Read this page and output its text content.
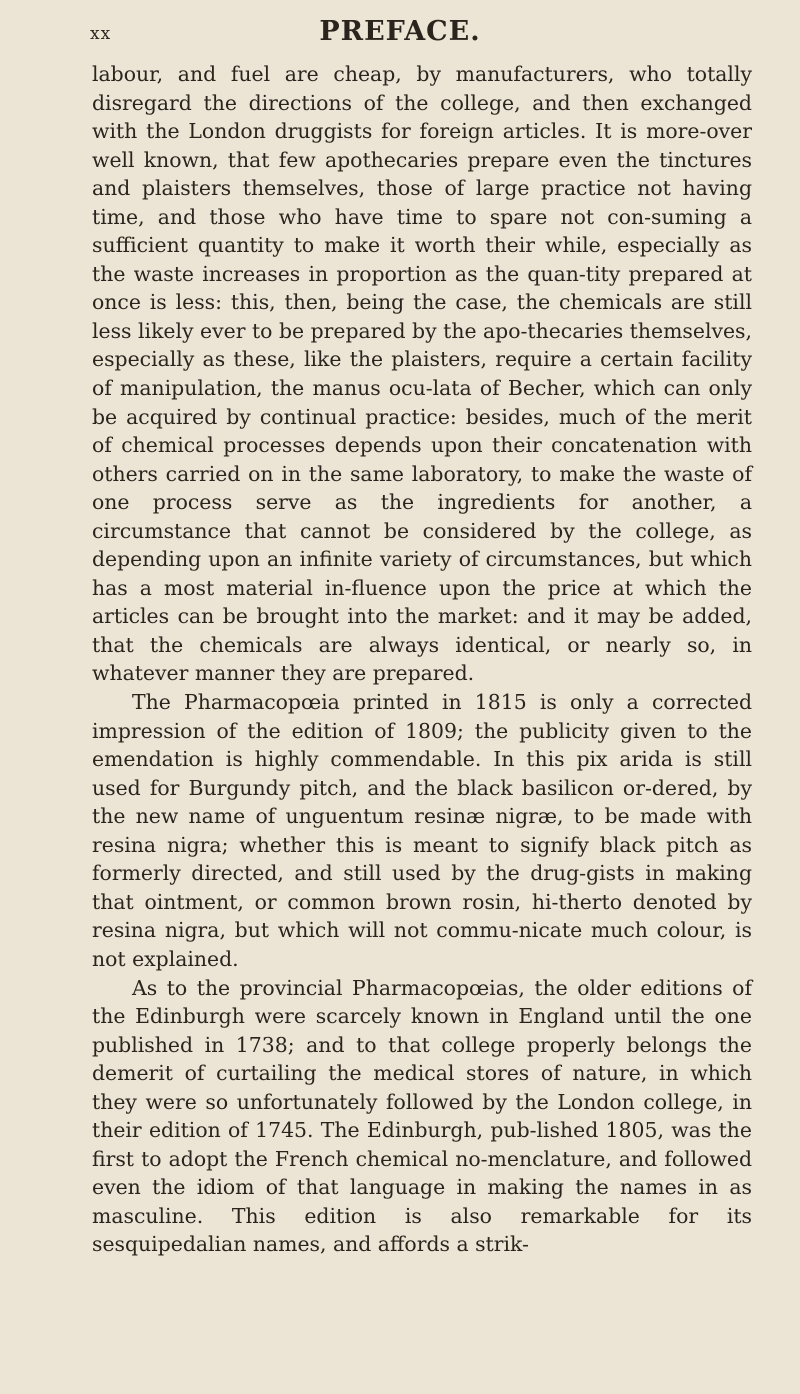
xx	PREFACE.

labour, and fuel are cheap, by manufacturers, who totally disregard the directions of the college, and then exchanged with the London druggists for foreign articles. It is more-over well known, that few apothecaries prepare even the tinctures and plaisters themselves, those of large practice not having time, and those who have time to spare not con-suming a sufficient quantity to make it worth their while, especially as the waste increases in proportion as the quan-tity prepared at once is less: this, then, being the case, the chemicals are still less likely ever to be prepared by the apo-thecaries themselves, especially as these, like the plaisters, require a certain facility of manipulation, the manus ocu-lata of Becher, which can only be acquired by continual practice: besides, much of the merit of chemical processes depends upon their concatenation with others carried on in the same laboratory, to make the waste of one process serve as the ingredients for another, a circumstance that cannot be considered by the college, as depending upon an infinite variety of circumstances, but which has a most material in-fluence upon the price at which the articles can be brought into the market: and it may be added, that the chemicals are always identical, or nearly so, in whatever manner they are prepared.

The Pharmacopœia printed in 1815 is only a corrected impression of the edition of 1809; the publicity given to the emendation is highly commendable. In this pix arida is still used for Burgundy pitch, and the black basilicon or-dered, by the new name of unguentum resinæ nigræ, to be made with resina nigra; whether this is meant to signify black pitch as formerly directed, and still used by the drug-gists in making that ointment, or common brown rosin, hi-therto denoted by resina nigra, but which will not commu-nicate much colour, is not explained.

As to the provincial Pharmacopœias, the older editions of the Edinburgh were scarcely known in England until the one published in 1738; and to that college properly belongs the demerit of curtailing the medical stores of nature, in which they were so unfortunately followed by the London college, in their edition of 1745. The Edinburgh, pub-lished 1805, was the first to adopt the French chemical no-menclature, and followed even the idiom of that language in making the names in as masculine. This edition is also remarkable for its sesquipedalian names, and affords a strik-
